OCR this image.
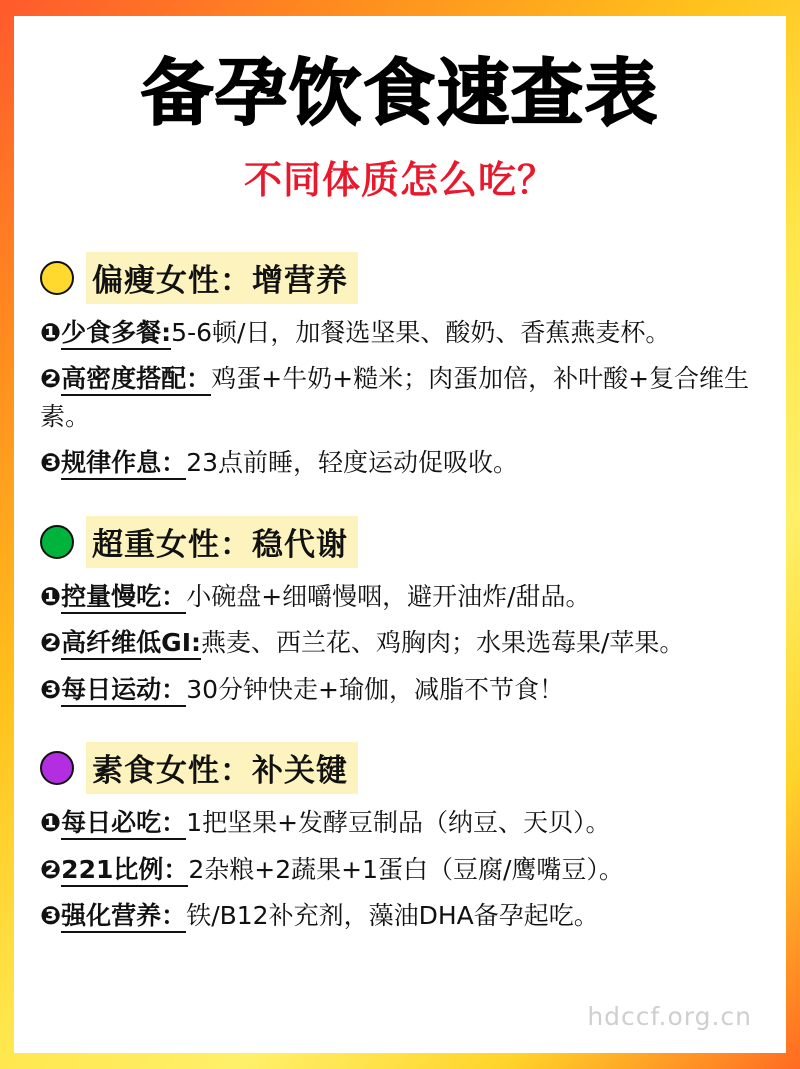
备孕饮食速查表
不同体质怎么吃？
偏瘦女性：增营养

❶少食多餐:5-6顿/日，加餐选坚果、酸奶、香蕉燕麦杯。

❷高密度搭配：鸡蛋+牛奶+糙米；肉蛋加倍，补叶酸+复合维生素。

❸规律作息：23点前睡，轻度运动促吸收。

超重女性：稳代谢

❶控量慢吃：小碗盘+细嚼慢咽，避开油炸/甜品。

❷高纤维低GI:燕麦、西兰花、鸡胸肉；水果选莓果/苹果。

❸每日运动：30分钟快走+瑜伽，减脂不节食！

素食女性：补关键

❶每日必吃：1把坚果+发酵豆制品（纳豆、天贝）。

❷221比例：2杂粮+2蔬果+1蛋白（豆腐/鹰嘴豆）。

❸强化营养：铁/B12补充剂，藻油DHA备孕起吃。

hdccf.org.cn
